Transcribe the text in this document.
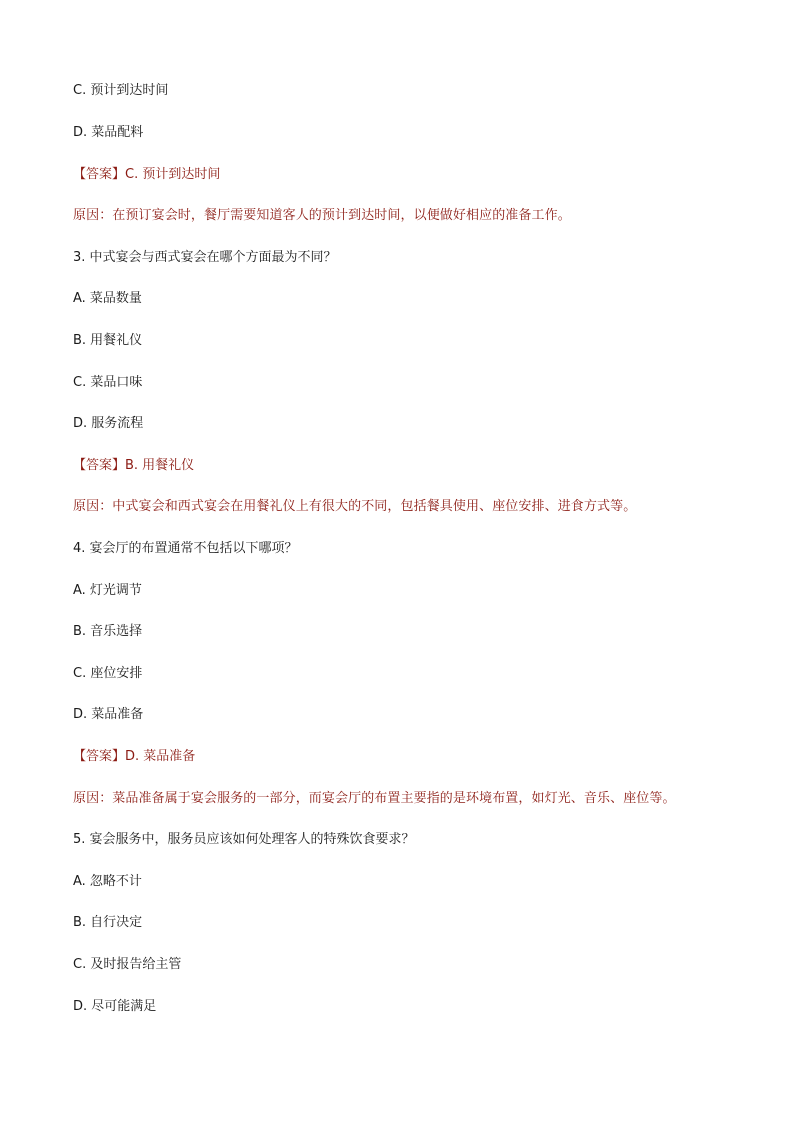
C. 预计到达时间
D. 菜品配料
【答案】C. 预计到达时间
原因：在预订宴会时，餐厅需要知道客人的预计到达时间，以便做好相应的准备工作。
3. 中式宴会与西式宴会在哪个方面最为不同？
A. 菜品数量
B. 用餐礼仪
C. 菜品口味
D. 服务流程
【答案】B. 用餐礼仪
原因：中式宴会和西式宴会在用餐礼仪上有很大的不同，包括餐具使用、座位安排、进食方式等。
4. 宴会厅的布置通常不包括以下哪项？
A. 灯光调节
B. 音乐选择
C. 座位安排
D. 菜品准备
【答案】D. 菜品准备
原因：菜品准备属于宴会服务的一部分，而宴会厅的布置主要指的是环境布置，如灯光、音乐、座位等。
5. 宴会服务中，服务员应该如何处理客人的特殊饮食要求？
A. 忽略不计
B. 自行决定
C. 及时报告给主管
D. 尽可能满足
